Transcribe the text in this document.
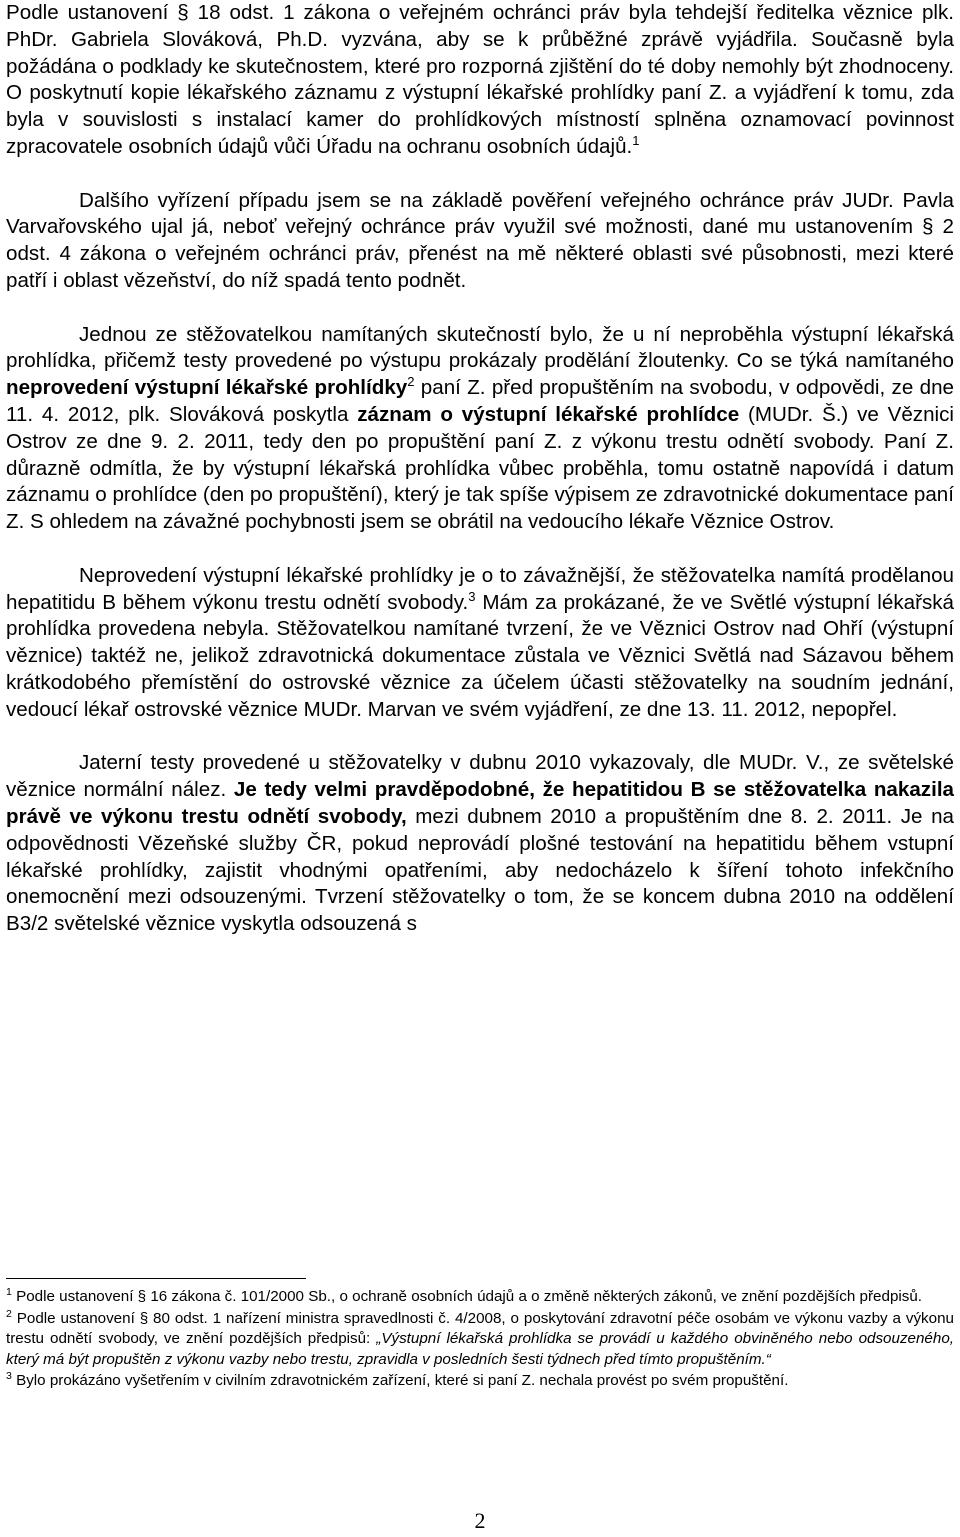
Podle ustanovení § 18 odst. 1 zákona o veřejném ochránci práv byla tehdejší ředitelka věznice plk. PhDr. Gabriela Slováková, Ph.D. vyzvána, aby se k průběžné zprávě vyjádřila. Současně byla požádána o podklady ke skutečnostem, které pro rozporná zjištění do té doby nemohly být zhodnoceny. O poskytnutí kopie lékařského záznamu z výstupní lékařské prohlídky paní Z. a vyjádření k tomu, zda byla v souvislosti s instalací kamer do prohlídkových místností splněna oznamovací povinnost zpracovatele osobních údajů vůči Úřadu na ochranu osobních údajů.$^1$

Dalšího vyřízení případu jsem se na základě pověření veřejného ochránce práv JUDr. Pavla Varvařovského ujal já, neboť veřejný ochránce práv využil své možnosti, dané mu ustanovením § 2 odst. 4 zákona o veřejném ochránci práv, přenést na mě některé oblasti své působnosti, mezi které patří i oblast vězeňství, do níž spadá tento podnět.

Jednou ze stěžovatelkou namítaných skutečností bylo, že u ní neproběhla výstupní lékařská prohlídka, přičemž testy provedené po výstupu prokázaly prodělání žloutenky. Co se týká namítaného neprovedení výstupní lékařské prohlídky$^2$ paní Z. před propuštěním na svobodu, v odpovědi, ze dne 11. 4. 2012, plk. Slováková poskytla záznam o výstupní lékařské prohlídce (MUDr. Š.) ve Věznici Ostrov ze dne 9. 2. 2011, tedy den po propuštění paní Z. z výkonu trestu odnětí svobody. Paní Z. důrazně odmítla, že by výstupní lékařská prohlídka vůbec proběhla, tomu ostatně napovídá i datum záznamu o prohlídce (den po propuštění), který je tak spíše výpisem ze zdravotnické dokumentace paní Z. S ohledem na závažné pochybnosti jsem se obrátil na vedoucího lékaře Věznice Ostrov.

Neprovedení výstupní lékařské prohlídky je o to závažnější, že stěžovatelka namítá prodělanou hepatitidu B během výkonu trestu odnětí svobody.$^3$ Mám za prokázané, že ve Světlé výstupní lékařská prohlídka provedena nebyla. Stěžovatelkou namítané tvrzení, že ve Věznici Ostrov nad Ohří (výstupní věznice) taktéž ne, jelikož zdravotnická dokumentace zůstala ve Věznici Světlá nad Sázavou během krátkodobého přemístění do ostrovské věznice za účelem účasti stěžovatelky na soudním jednání, vedoucí lékař ostrovské věznice MUDr. Marvan ve svém vyjádření, ze dne 13. 11. 2012, nepopřel.

Jaterní testy provedené u stěžovatelky v dubnu 2010 vykazovaly, dle MUDr. V., ze světelské věznice normální nález. Je tedy velmi pravděpodobné, že hepatitidou B se stěžovatelka nakazila právě ve výkonu trestu odnětí svobody, mezi dubnem 2010 a propuštěním dne 8. 2. 2011. Je na odpovědnosti Vězeňské služby ČR, pokud neprovádí plošné testování na hepatitidu během vstupní lékařské prohlídky, zajistit vhodnými opatřeními, aby nedocházelo k šíření tohoto infekčního onemocnění mezi odsouzenými. Tvrzení stěžovatelky o tom, že se koncem dubna 2010 na oddělení B3/2 světelské věznice vyskytla odsouzená s

$^1$ Podle ustanovení § 16 zákona č. 101/2000 Sb., o ochraně osobních údajů a o změně některých zákonů, ve znění pozdějších předpisů.

$^2$ Podle ustanovení § 80 odst. 1 nařízení ministra spravedlnosti č. 4/2008, o poskytování zdravotní péče osobám ve výkonu vazby a výkonu trestu odnětí svobody, ve znění pozdějších předpisů: „Výstupní lékařská prohlídka se provádí u každého obviněného nebo odsouzeného, který má být propuštěn z výkonu vazby nebo trestu, zpravidla v posledních šesti týdnech před tímto propuštěním.“

$^3$ Bylo prokázáno vyšetřením v civilním zdravotnickém zařízení, které si paní Z. nechala provést po svém propuštění.

2
